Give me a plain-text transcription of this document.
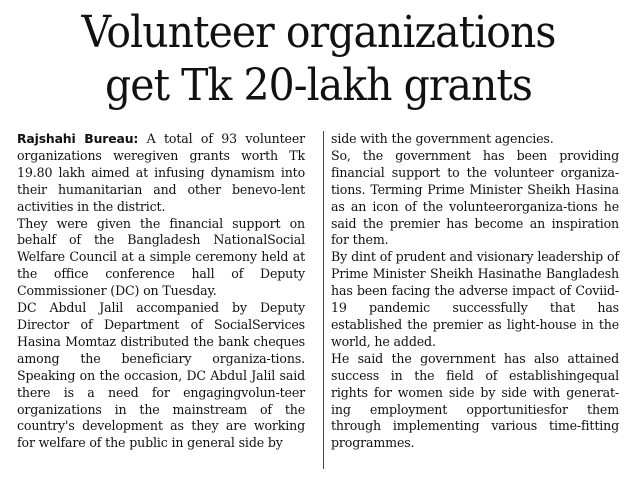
Volunteer organizations
get Tk 20-lakh grants

Rajshahi Bureau: A total of 93 volunteer organizations weregiven grants worth Tk 19.80 lakh aimed at infusing dynamism into their humanitarian and other benevo-lent activities in the district.

They were given the financial support on behalf of the Bangladesh NationalSocial Welfare Council at a simple ceremony held at the office conference hall of Deputy Commissioner (DC) on Tuesday.

DC Abdul Jalil accompanied by Deputy Director of Department of SocialServices Hasina Momtaz distributed the bank cheques among the beneficiary organiza-tions. Speaking on the occasion, DC Abdul Jalil said there is a need for engagingvolun-teer organizations in the mainstream of the country's development as they are working for welfare of the public in general side by

side with the government agencies.

So, the government has been providing financial support to the volunteer organiza-tions. Terming Prime Minister Sheikh Hasina as an icon of the volunteerorganiza-tions he said the premier has become an inspiration for them.

By dint of prudent and visionary leadership of Prime Minister Sheikh Hasinathe Bangladesh has been facing the adverse impact of Coviid-19 pandemic successfully that has established the premier as light-house in the world, he added.

He said the government has also attained success in the field of establishingequal rights for women side by side with generat-ing employment opportunitiesfor them through implementing various time-fitting programmes.
